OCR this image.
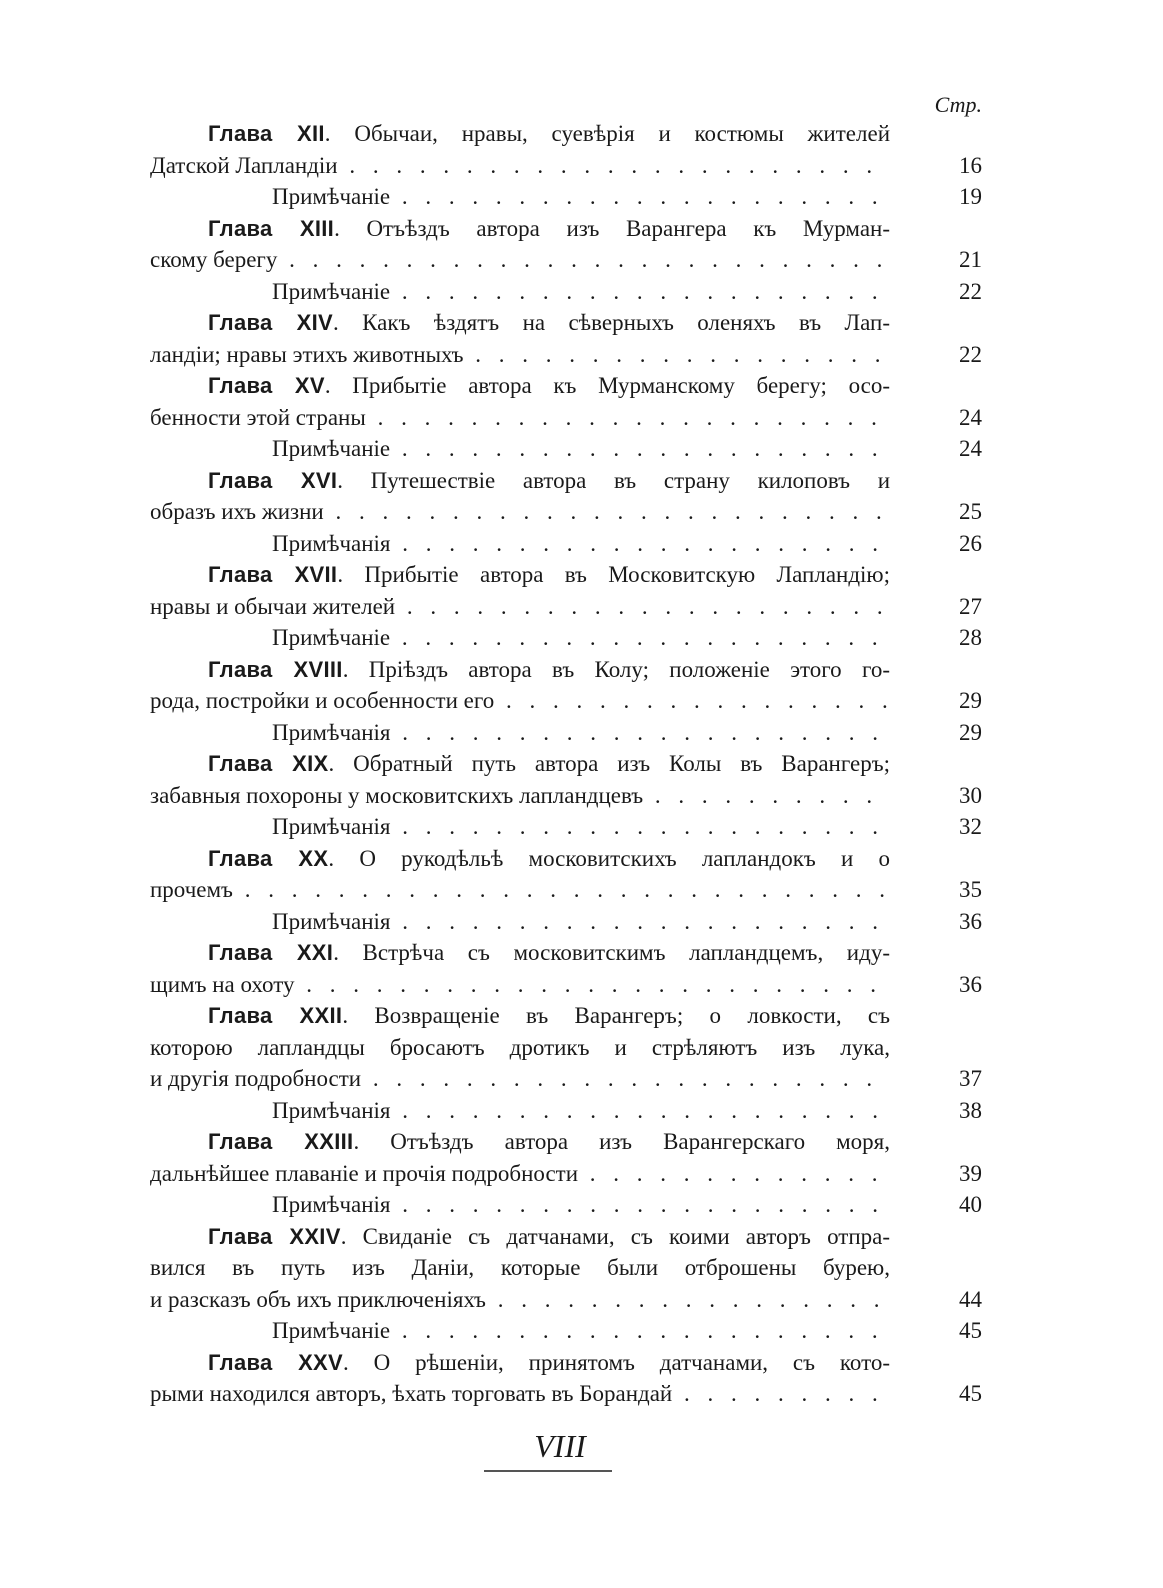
Стр.
Глава XII. Обычаи, нравы, суевѣрія и костюмы жителей
Датской Лапландіи . . .	16
Примѣчаніе . . .	19
Глава XIII. Отъѣздъ автора изъ Варангера къ Мурман-
скому берегу . . .	21
Примѣчаніе . . .	22
Глава XIV. Какъ ѣздятъ на сѣверныхъ оленяхъ въ Лап-
ландіи; нравы этихъ животныхъ . . .	22
Глава XV. Прибытіе автора къ Мурманскому берегу; осо-
бенности этой страны . . .	24
Примѣчаніе . . .	24
Глава XVI. Путешествіе автора въ страну килоповъ и
образъ ихъ жизни . . .	25
Примѣчанія . . .	26
Глава XVII. Прибытіе автора въ Московитскую Лапландію;
нравы и обычаи жителей . . .	27
Примѣчаніе . . .	28
Глава XVIII. Пріѣздъ автора въ Колу; положеніе этого го-
рода, постройки и особенности его . . .	29
Примѣчанія . . .	29
Глава XIX. Обратный путь автора изъ Колы въ Варангеръ;
забавныя похороны у московитскихъ лапландцевъ . . .	30
Примѣчанія . . .	32
Глава XX. О рукодѣльѣ московитскихъ лапландокъ и о
прочемъ . . .	35
Примѣчанія . . .	36
Глава XXI. Встрѣча съ московитскимъ лапландцемъ, иду-
щимъ на охоту . . .	36
Глава XXII. Возвращеніе въ Варангеръ; о ловкости, съ
которою лапландцы бросаютъ дротикъ и стрѣляютъ изъ лука,
и другія подробности . . .	37
Примѣчанія . . .	38
Глава XXIII. Отъѣздъ автора изъ Варангерскаго моря,
дальнѣйшее плаваніе и прочія подробности . . .	39
Примѣчанія . . .	40
Глава XXIV. Свиданіе съ датчанами, съ коими авторъ отпра-
вился въ путь изъ Даніи, которые были отброшены бурею,
и разсказъ объ ихъ приключеніяхъ . . .	44
Примѣчаніе . . .	45
Глава XXV. О рѣшеніи, принятомъ датчанами, съ кото-
рыми находился авторъ, ѣхать торговать въ Борандай . . .	45
VIII
